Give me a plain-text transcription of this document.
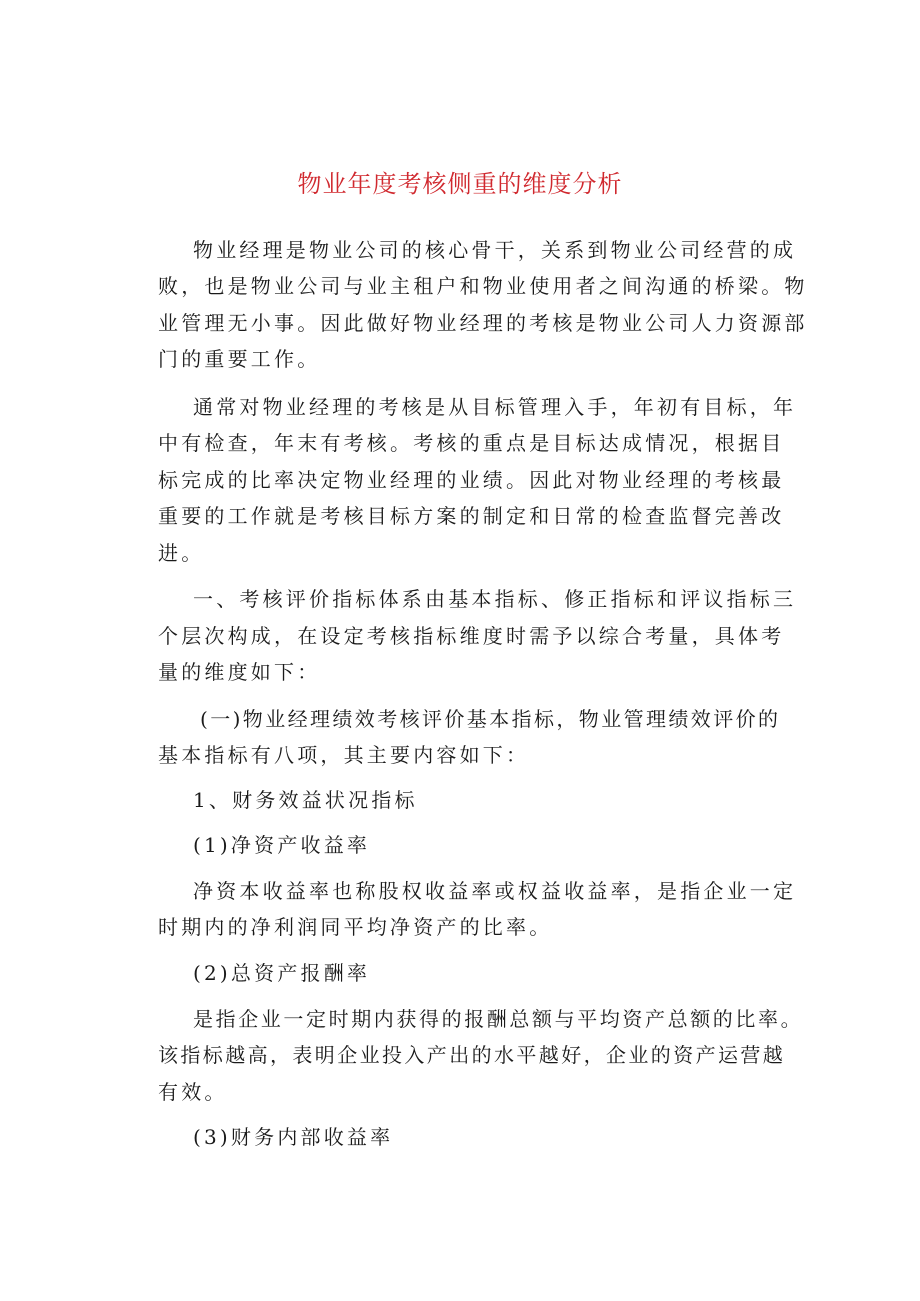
物业年度考核侧重的维度分析
物业经理是物业公司的核心骨干，关系到物业公司经营的成
败，也是物业公司与业主租户和物业使用者之间沟通的桥梁。物
业管理无小事。因此做好物业经理的考核是物业公司人力资源部
门的重要工作。
通常对物业经理的考核是从目标管理入手，年初有目标，年
中有检查，年末有考核。考核的重点是目标达成情况，根据目
标完成的比率决定物业经理的业绩。因此对物业经理的考核最
重要的工作就是考核目标方案的制定和日常的检查监督完善改
进。
一、考核评价指标体系由基本指标、修正指标和评议指标三
个层次构成，在设定考核指标维度时需予以综合考量，具体考
量的维度如下：
(一)物业经理绩效考核评价基本指标，物业管理绩效评价的
基本指标有八项，其主要内容如下：
1、财务效益状况指标
(1)净资产收益率
净资本收益率也称股权收益率或权益收益率，是指企业一定
时期内的净利润同平均净资产的比率。
(2)总资产报酬率
是指企业一定时期内获得的报酬总额与平均资产总额的比率。
该指标越高，表明企业投入产出的水平越好，企业的资产运营越
有效。
(3)财务内部收益率
